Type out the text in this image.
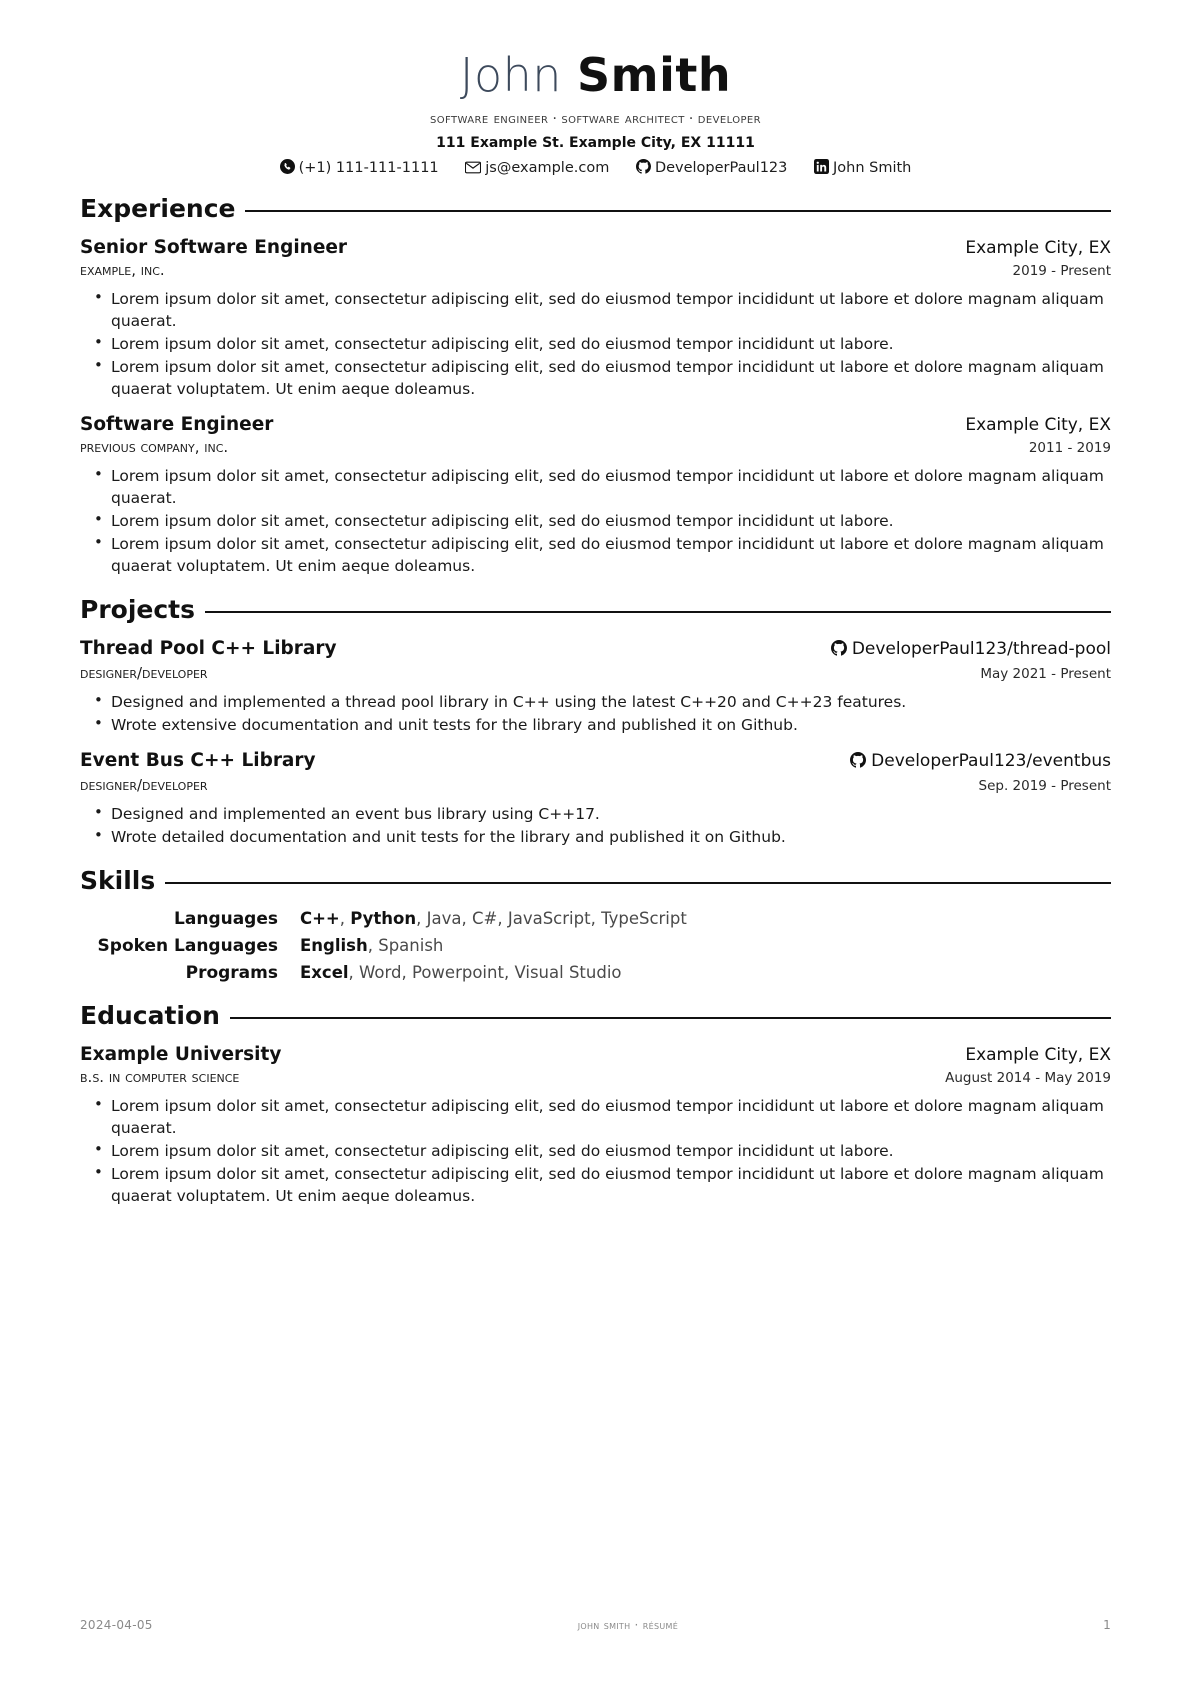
John Smith
software engineer · software architect · developer
111 Example St. Example City, EX 11111
(+1) 111-111-1111	js@example.com	DeveloperPaul123	John Smith
Experience
Senior Software Engineer	Example City, EX
example, inc.	2019 - Present
• Lorem ipsum dolor sit amet, consectetur adipiscing elit, sed do eiusmod tempor incididunt ut labore et dolore magnam aliquam quaerat.
• Lorem ipsum dolor sit amet, consectetur adipiscing elit, sed do eiusmod tempor incididunt ut labore.
• Lorem ipsum dolor sit amet, consectetur adipiscing elit, sed do eiusmod tempor incididunt ut labore et dolore magnam aliquam quaerat voluptatem. Ut enim aeque doleamus.
Software Engineer	Example City, EX
previous company, inc.	2011 - 2019
• Lorem ipsum dolor sit amet, consectetur adipiscing elit, sed do eiusmod tempor incididunt ut labore et dolore magnam aliquam quaerat.
• Lorem ipsum dolor sit amet, consectetur adipiscing elit, sed do eiusmod tempor incididunt ut labore.
• Lorem ipsum dolor sit amet, consectetur adipiscing elit, sed do eiusmod tempor incididunt ut labore et dolore magnam aliquam quaerat voluptatem. Ut enim aeque doleamus.
Projects
Thread Pool C++ Library	DeveloperPaul123/thread-pool
designer/developer	May 2021 - Present
• Designed and implemented a thread pool library in C++ using the latest C++20 and C++23 features.
• Wrote extensive documentation and unit tests for the library and published it on Github.
Event Bus C++ Library	DeveloperPaul123/eventbus
designer/developer	Sep. 2019 - Present
• Designed and implemented an event bus library using C++17.
• Wrote detailed documentation and unit tests for the library and published it on Github.
Skills
Languages	C++, Python, Java, C#, JavaScript, TypeScript
Spoken Languages	English, Spanish
Programs	Excel, Word, Powerpoint, Visual Studio
Education
Example University	Example City, EX
b.s. in computer science	August 2014 - May 2019
• Lorem ipsum dolor sit amet, consectetur adipiscing elit, sed do eiusmod tempor incididunt ut labore et dolore magnam aliquam quaerat.
• Lorem ipsum dolor sit amet, consectetur adipiscing elit, sed do eiusmod tempor incididunt ut labore.
• Lorem ipsum dolor sit amet, consectetur adipiscing elit, sed do eiusmod tempor incididunt ut labore et dolore magnam aliquam quaerat voluptatem. Ut enim aeque doleamus.
2024-04-05	john smith · résumé	1
